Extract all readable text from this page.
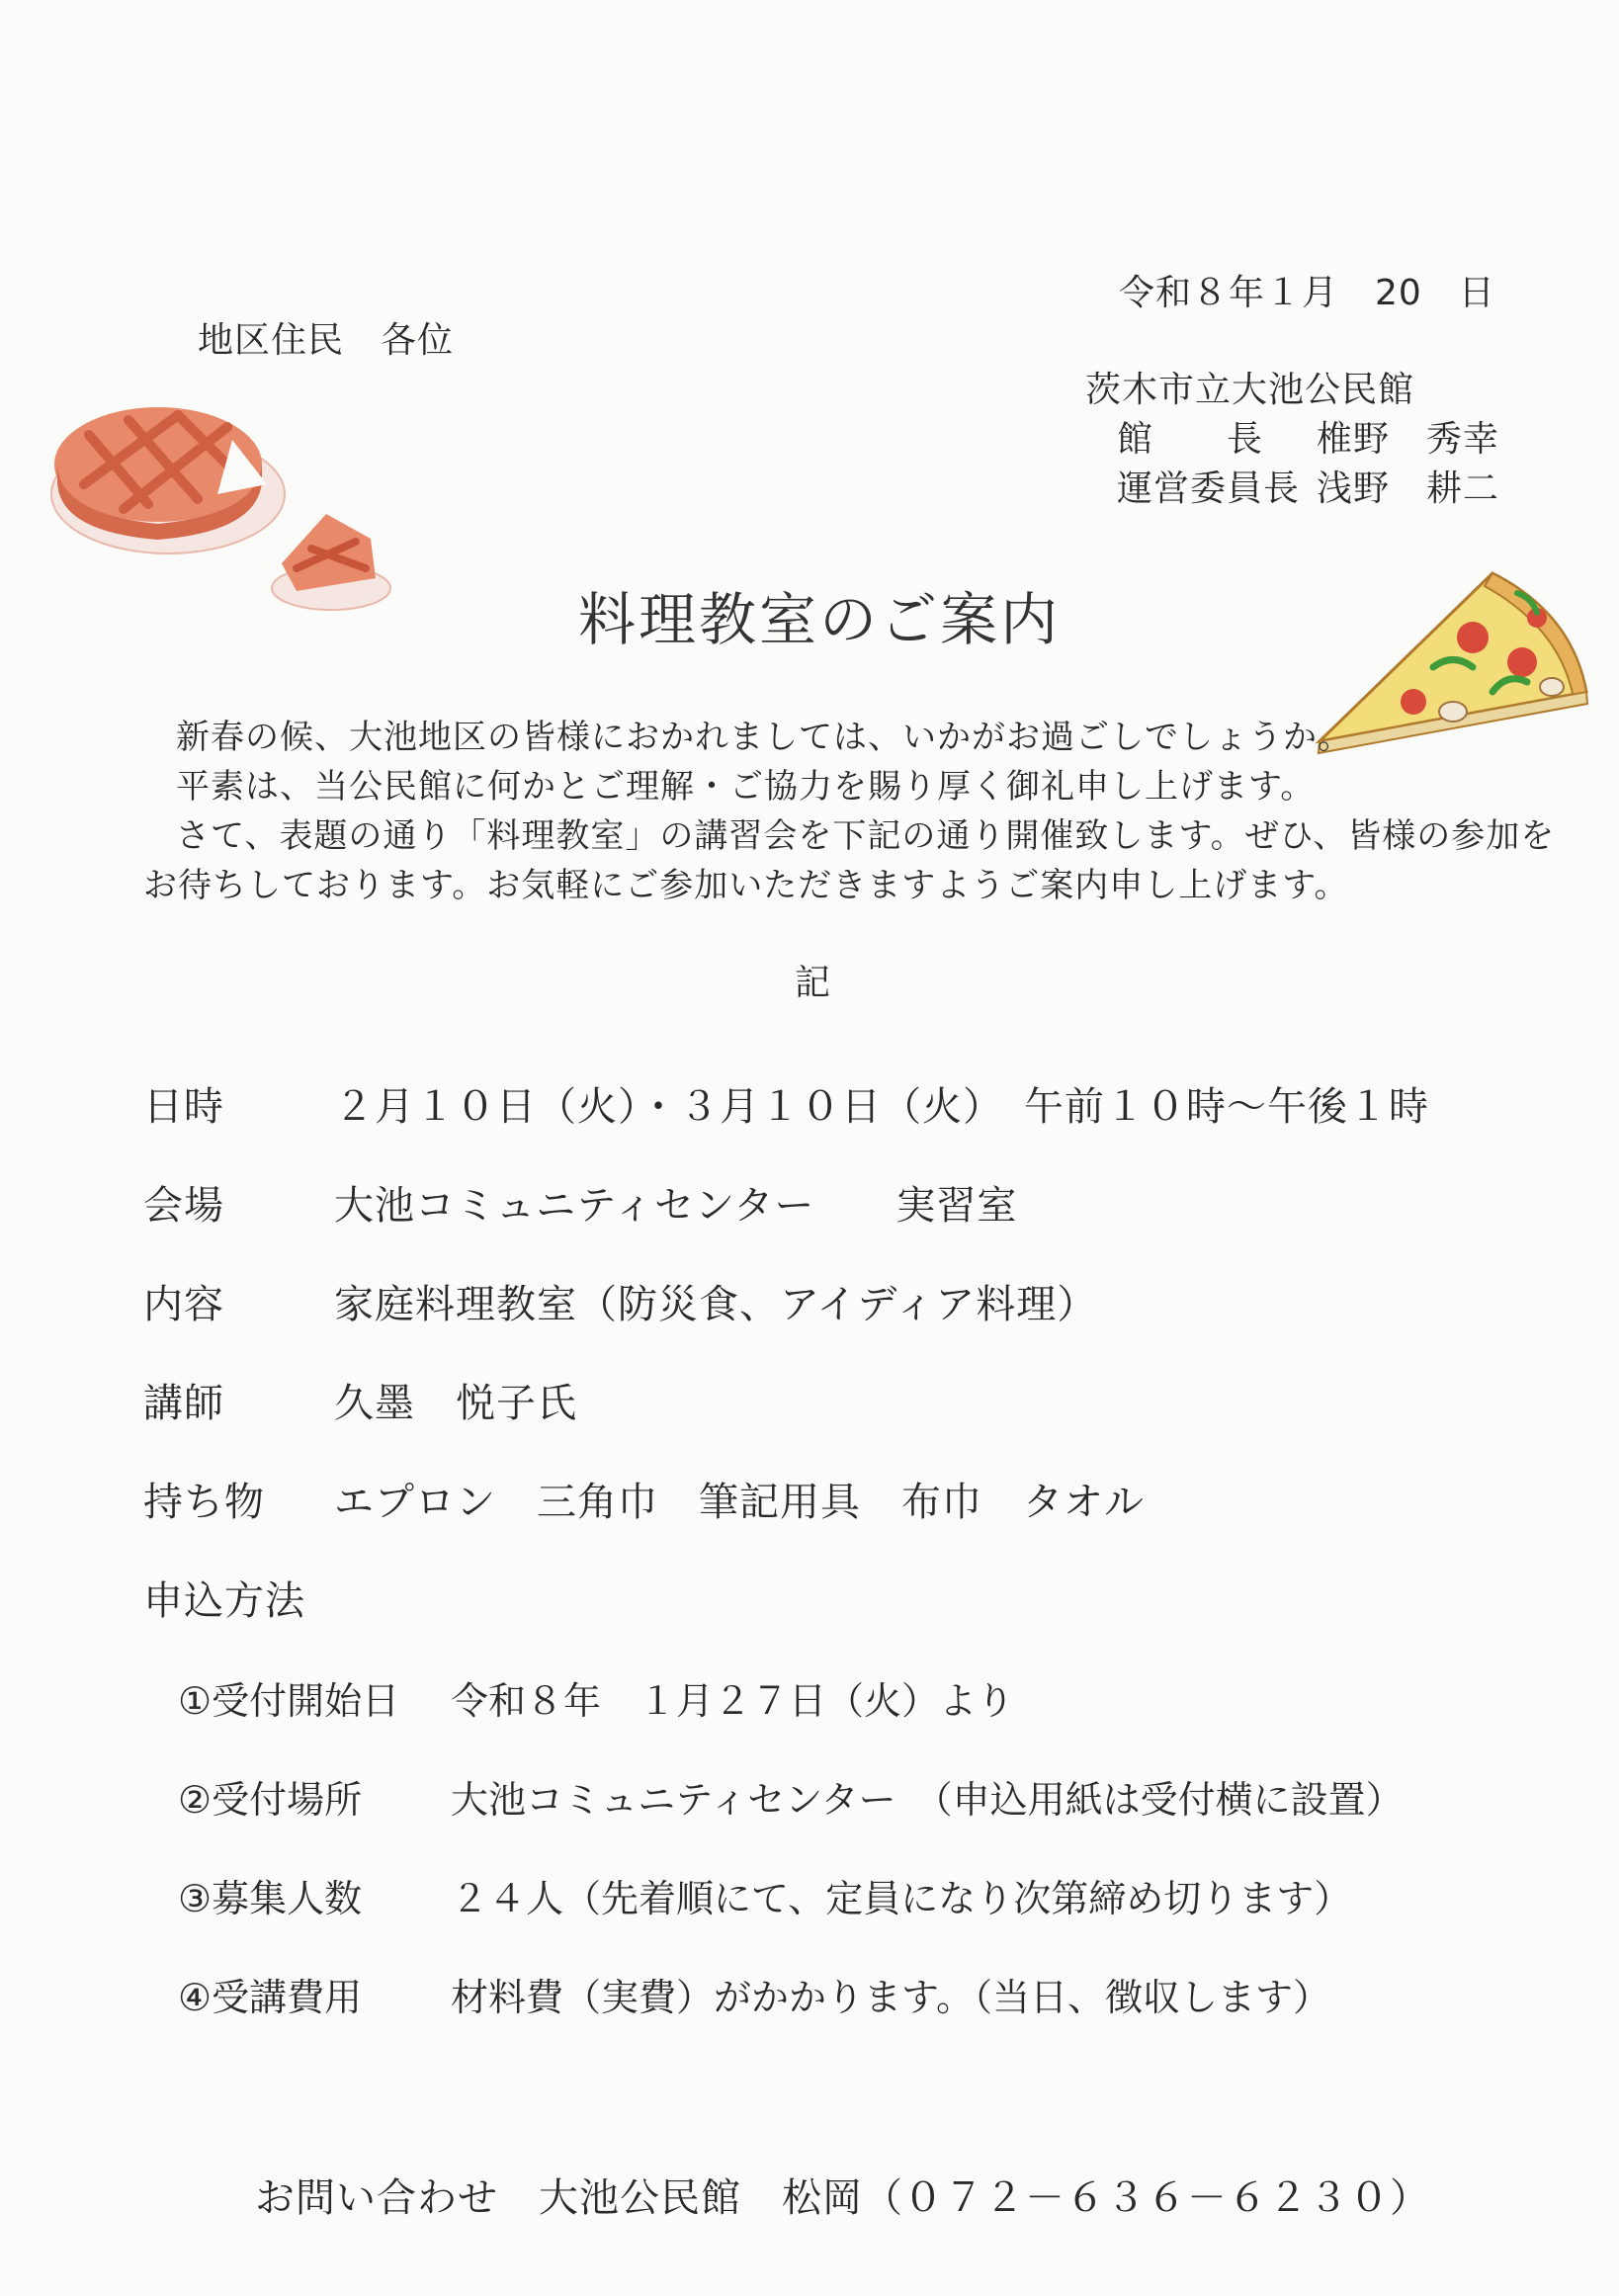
令和８年１月　20　日
地区住民　各位
茨木市立大池公民館
館　　長 椎野　秀幸
運営委員長 浅野　耕二
料理教室のご案内
新春の候、大池地区の皆様におかれましては、いかがお過ごしでしょうか。
平素は、当公民館に何かとご理解・ご協力を賜り厚く御礼申し上げます。
さて、表題の通り「料理教室」の講習会を下記の通り開催致します。ぜひ、皆様の参加を
お待ちしております。お気軽にご参加いただきますようご案内申し上げます。
記
日時	２月１０日（火）・３月１０日（火）　午前１０時～午後１時
会場	大池コミュニティセンター　　実習室
内容	家庭料理教室（防災食、アイディア料理）
講師	久墨　悦子氏
持ち物 エプロン　三角巾　筆記用具　布巾　タオル
申込方法
①受付開始日 令和８年　１月２７日（火）より
②受付場所 大池コミュニティセンター　（申込用紙は受付横に設置）
③募集人数 ２４人（先着順にて、定員になり次第締め切ります）
④受講費用 材料費（実費）がかかります。（当日、徴収します）
お問い合わせ　大池公民館　松岡（０７２－６３６－６２３０）
